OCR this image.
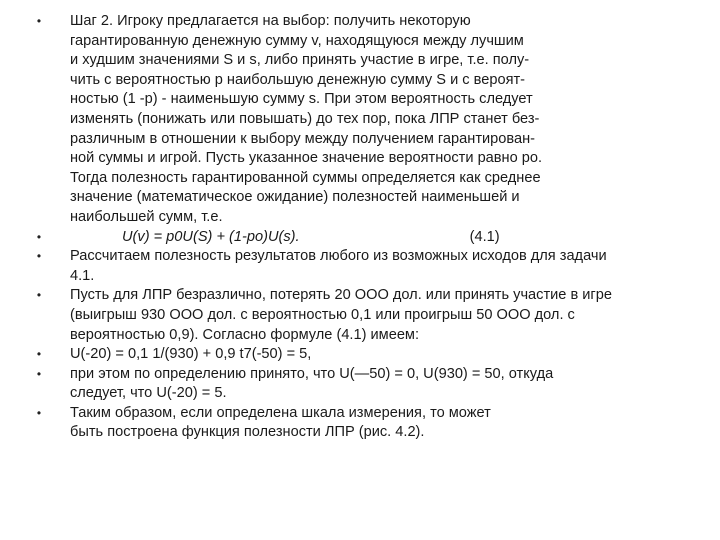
• Шаг 2. Игроку предлагается на выбор: получить некоторую
гарантированную денежную сумму v, находящуюся между лучшим
и худшим значениями S и s, либо принять участие в игре, т.е. полу-
чить с вероятностью p наибольшую денежную сумму S и с вероят-
ностью (1 -p) - наименьшую сумму s. При этом вероятность следует
изменять (понижать или повышать) до тех пор, пока ЛПР станет без-
различным в отношении к выбору между получением гарантирован-
ной суммы и игрой. Пусть указанное значение вероятности равно po.
Тогда полезность гарантированной суммы определяется как среднее
значение (математическое ожидание) полезностей наименьшей и
наибольшей сумм, т.е.
•	U(v) = p0U(S) + (1-po)U(s).	(4.1)
• Рассчитаем полезность результатов любого из возможных исходов для задачи
4.1.
• Пусть для ЛПР безразлично, потерять 20 ООО дол. или принять участие в игре
(выигрыш 930 ООО дол. с вероятностью 0,1 или проигрыш 50 ООО дол. с
вероятностью 0,9). Согласно формуле (4.1) имеем:
• U(-20) = 0,1 1/(930) + 0,9 t7(-50) = 5,
• при этом по определению принято, что U(—50) = 0, U(930) = 50, откуда
следует, что U(-20) = 5.
• Таким образом, если определена шкала измерения, то может
быть построена функция полезности ЛПР (рис. 4.2).
